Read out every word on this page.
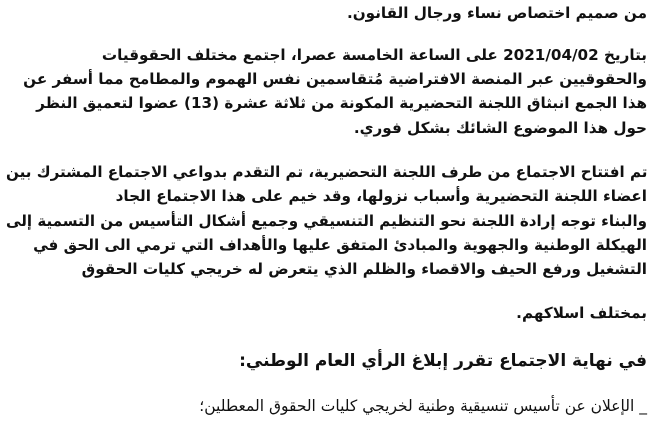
من صميم اختصاص نساء ورجال القانون.
بتاريخ 2021/04/02 على الساعة الخامسة عصرا، اجتمع مختلف الحقوقيات
والحقوقيين عبر المنصة الافتراضية مُتقاسمين نفس الهموم والمطامح مما أسفر عن
هذا الجمع انبثاق اللجنة التحضيرية المكونة من ثلاثة عشرة (13) عضوا لتعميق النظر
حول هذا الموضوع الشائك بشكل فوري.
تم افتتاح الاجتماع من طرف اللجنة التحضيرية، تم التقدم بدواعي الاجتماع المشترك بين
اعضاء اللجنة التحضيرية وأسباب نزولها، وقد خيم على هذا الاجتماع الجاد
والبناء توجه إرادة اللجنة نحو التنظيم التنسيقي وجميع أشكال التأسيس من التسمية إلى
الهيكلة الوطنية والجهوية والمبادئ المتفق عليها والأهداف التي ترمي الى الحق في
التشغيل ورفع الحيف والاقصاء والظلم الذي يتعرض له خريجي كليات الحقوق
بمختلف اسلاكهم.
في نهاية الاجتماع تقرر إبلاغ الرأي العام الوطني:
_ الإعلان عن تأسيس تنسيقية وطنية لخريجي كليات الحقوق المعطلين؛
